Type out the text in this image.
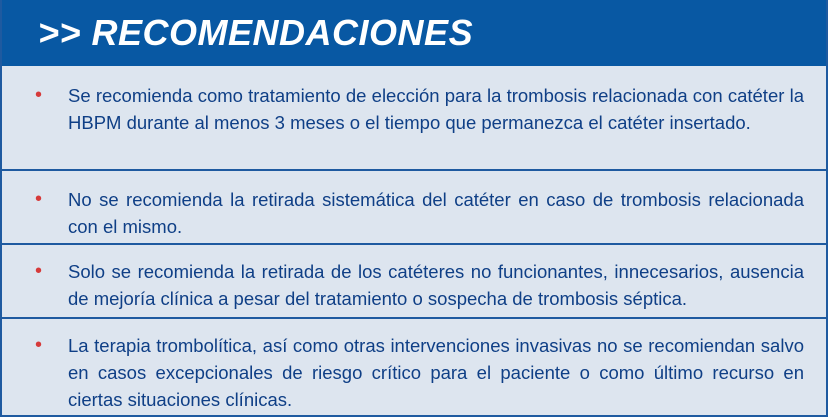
>> RECOMENDACIONES
• Se recomienda como tratamiento de elección para la trombosis relacionada con catéter la HBPM durante al menos 3 meses o el tiempo que permanezca el catéter insertado.
• No se recomienda la retirada sistemática del catéter en caso de trombosis relacionada con el mismo.
• Solo se recomienda la retirada de los catéteres no funcionantes, innecesarios, ausencia de mejoría clínica a pesar del tratamiento o sospecha de trombosis séptica.
• La terapia trombolítica, así como otras intervenciones invasivas no se recomiendan salvo en casos excepcionales de riesgo crítico para el paciente o como último recurso en ciertas situaciones clínicas.
